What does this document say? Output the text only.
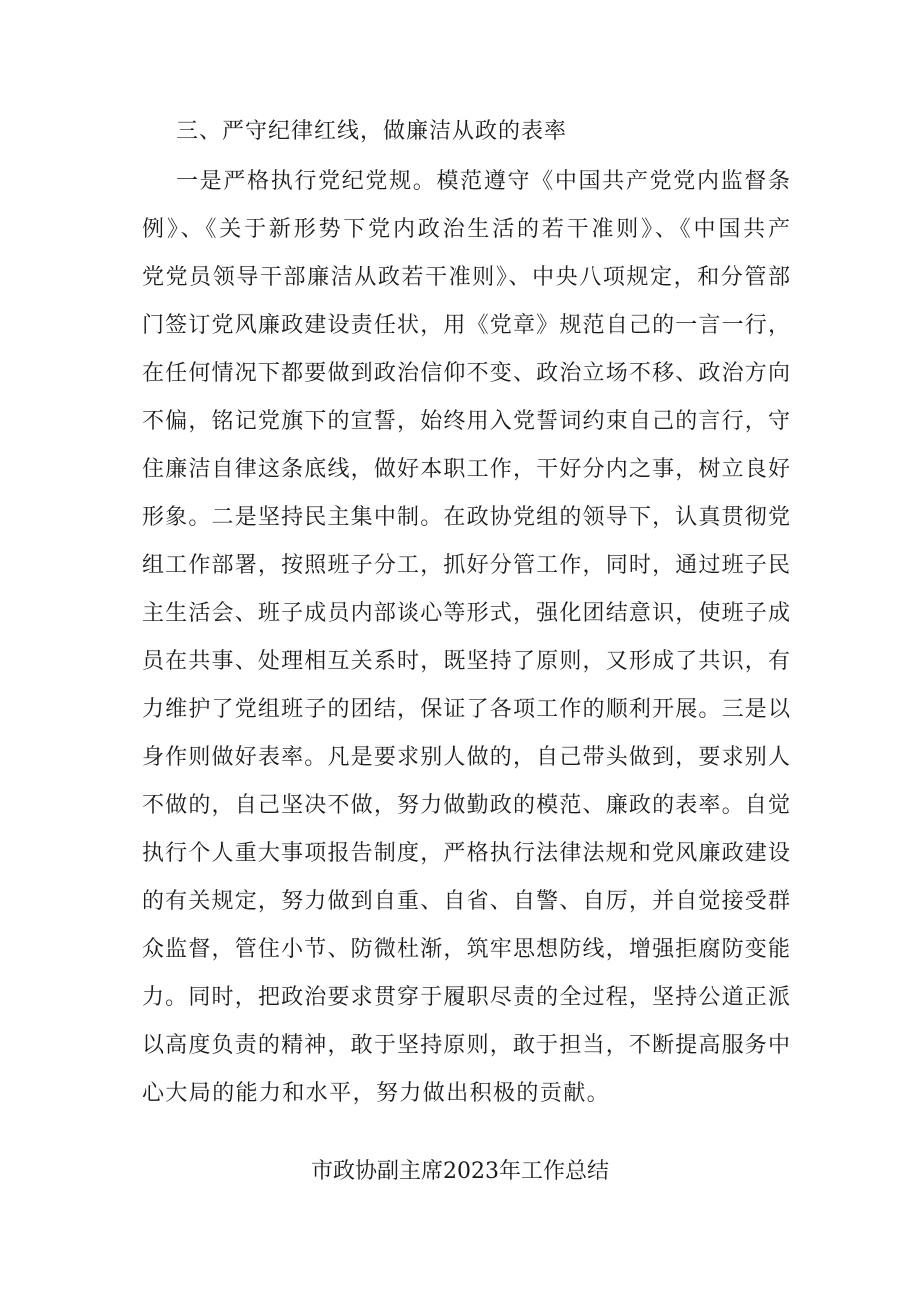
三、严守纪律红线，做廉洁从政的表率
一是严格执行党纪党规。模范遵守《中国共产党党内监督条
例》、《关于新形势下党内政治生活的若干准则》、《中国共产
党党员领导干部廉洁从政若干准则》、中央八项规定，和分管部
门签订党风廉政建设责任状，用《党章》规范自己的一言一行，
在任何情况下都要做到政治信仰不变、政治立场不移、政治方向
不偏，铭记党旗下的宣誓，始终用入党誓词约束自己的言行，守
住廉洁自律这条底线，做好本职工作，干好分内之事，树立良好
形象。二是坚持民主集中制。在政协党组的领导下，认真贯彻党
组工作部署，按照班子分工，抓好分管工作，同时，通过班子民
主生活会、班子成员内部谈心等形式，强化团结意识，使班子成
员在共事、处理相互关系时，既坚持了原则，又形成了共识，有
力维护了党组班子的团结，保证了各项工作的顺利开展。三是以
身作则做好表率。凡是要求别人做的，自己带头做到，要求别人
不做的，自己坚决不做，努力做勤政的模范、廉政的表率。自觉
执行个人重大事项报告制度，严格执行法律法规和党风廉政建设
的有关规定，努力做到自重、自省、自警、自厉，并自觉接受群
众监督，管住小节、防微杜渐，筑牢思想防线，增强拒腐防变能
力。同时，把政治要求贯穿于履职尽责的全过程，坚持公道正派
以高度负责的精神，敢于坚持原则，敢于担当，不断提高服务中
心大局的能力和水平，努力做出积极的贡献。
市政协副主席2023年工作总结
